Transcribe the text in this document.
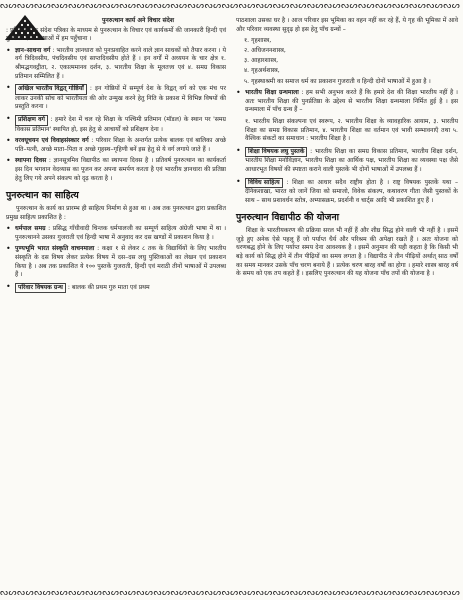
ᔓᔕᔓᔕᔓᔕᔓᔕᔓᔕᔓᔕᔓᔕᔓᔕᔓᔕᔓᔕᔓᔕᔓᔕᔓᔕᔓᔕᔓᔕᔓᔕᔓᔕᔓᔕᔓᔕᔓᔕᔓᔕᔓᔕᔓᔕᔓᔕᔓᔕᔓᔕᔓᔕ
पुनरुत्थान कार्य अने विचार संदेश
: प्रतिमास एक संदेश पत्रिका के माध्यम से पुनरुत्थान के विचार एवं कार्यकर्मो की जानकारी हिन्दी एवं गुजराती दोनों भाषाओं में हम पहुँचाना ।
• ज्ञान–साधना वर्ग : भारतीय ज्ञानधारा को पुनःप्रवाहित करने वाले ज्ञान साधकों को तैयार करना । ये वर्ग त्रिदिवसीय, पंचदिवसीय एवं साप्तदिवसीय होते हैं । इन वर्गों में अध्ययन के चार क्षेत्र १. श्रीमद्भगवद्गीता, २. एकात्ममानव दर्शन, ३. भारतीय शिक्षा के मूलतत्त्व एवं ४. समग्र विकास प्रतिमान सम्मिलित हैं ।
• अखिल भारतीय विद्वत् गोष्ठियाँ : इन गोष्ठियों में सम्पूर्ण देश के विद्वत् वर्ग को एक मंच पर लाकर उनकी सोच को भारतीयता की ओर उन्मुख करने हेतु निति के प्रकाश में विभिन्न विषयों की प्रस्तुति करना ।
• प्रशिक्षण वर्ग : हमारे देश में चल रहे शिक्षा के पश्चिमी प्रतिमान (मॉडल) के स्थान पर 'समग्र विकास प्रतिमान' स्थापित हो, इस हेतु से आचार्यों को प्रशिक्षण देना ।
• वरवधूचयन एवं विवाहसंस्कार वर्ग : परिवार शिक्षा के अन्तर्गत प्रत्येक बालक एवं बालिका अच्छे पति–पत्नी, अच्छे माता–पिता व अच्छे गृहस्थ–गृहिणी बनें इस हेतु से ये वर्ग लगाये जाते हैं ।
• स्थापना दिवस : ज्ञानसूत्रमिव विद्यापीठ का स्थापना दिवस है । प्रतिवर्ष पुनरुत्थान का कार्यकर्ता इस दिन भगवान वेदव्यास का पूजन कर अपना समर्पण करता है एवं भारतीय ज्ञानधारा की प्रतिष्ठा हेतु लिए गये अपने संकल्प को दृढ़ करता है ।
पुनरुत्थान का साहित्य
पुनरुत्थान के कार्य का प्रारम्भ ही साहित्य निर्माण से हुआ था । अब तक पुनरुत्थान द्वारा प्रकाशित प्रमुख साहित्य प्रकाशित है :
• धर्मपाल समग्र : प्रसिद्ध गाँधीवादी चिन्तक धर्मपालजी का सम्पूर्ण साहित्य अंग्रेजी भाषा में था । पुनरुत्थानने उसका गुजराती एवं हिन्दी भाषा में अनुवाद कर दस खण्डों में प्रकाशन किया है ।
• पुण्यभूमि भारत संस्कृति वाचनमाला : कक्षा १ से लेकर ८ तक के विद्यार्थियों के लिए भारतीय संस्कृति के दस विषय लेकर प्रत्येक विषय में दस–दस लघु पुस्तिकाओं का लेखन एवं प्रकाशन किया है । अब तक प्रकाशित ये १०० पुस्तकें गुजराती, हिन्दी एवं मराठी तीनों भाषाओं में उपलब्ध हैं ।
• परिवार विषयक ग्रन्थ : बालक की प्रथम गुरु माता एवं प्रथम
पाठशाला उसका घर है । आज परिवार इस भूमिका का वहन नहीं कर रहे हैं, ये गृह की भूमिका में आवे और परिवार व्यवस्था सुदृढ़ हो इस हेतु पाँच ग्रन्थों –
१. गृहशास्त्र,
२. अधिजननशास्त्र,
३. आहारशास्त्र,
४. गृहअर्थशास्त्र,
५. गृहस्थाश्रमी का समाज धर्म का प्रकाशन गुजराती व हिन्दी दोनों भाषाओं में हुआ है ।
• भारतीय शिक्षा ग्रन्थमाला : हम सभी अनुभव करते हैं कि हमारे देश की शिक्षा भारतीय नहीं है । अतः भारतीय शिक्षा की पुनर्प्रतिष्ठा के उद्देश्य से भारतीय शिक्षा ग्रन्थमाला निर्मित हुई है । इस ग्रन्थमाला में पाँच ग्रन्थ हैं –
१. भारतीय शिक्षा संकल्पना एवं स्वरूप, २. भारतीय शिक्षा के व्यावहारिक आयाम, ३. भारतीय शिक्षा का समग्र विकास प्रतिमान, ४. भारतीय शिक्षा का वर्तमान एवं भावी सम्भावनाएँ तथा ५. वैश्विक संकटों का समाधान : भारतीय शिक्षा है ।
• शिक्षा विषयक लघु पुस्तकें : भारतीय शिक्षा का समग्र विकास प्रतिमान, भारतीय शिक्षा दर्शन, भारतीय शिक्षा मनोविज्ञान, भारतीय शिक्षा का आर्थिक पक्ष, भारतीय शिक्षा का व्यवस्था पक्ष जैसे आधारभूत विषयों की स्पष्टता कराने वाली पुस्तकें भी दोनों भाषाओं में उपलब्ध हैं ।
• विविध साहित्य : शिक्षा का आधार सदैव राष्ट्रीय होता है । राष्ट्र विषयक पुस्तकें यथा – दैनिकशाखा, भारत को जानें जिया को समाजो, विवेक संकल्प, कथावरण गीता जैसी पुस्तकों के साथ – साथ प्रशावर्धन स्तोत्र, अभ्यासक्रम, प्रदर्शनी व चार्ट्स आदि भी प्रकाशित हुए हैं ।
पुनरुत्थान विद्यापीठ की योजना
शिक्षा के भारतीयकरण की प्रक्रिया सरल भी नहीं हैं और शीघ्र सिद्ध होने वाली भी नहीं है । इसमें जुड़े हुए अनेक ऐसे पहलू हैं जो पर्याप्त धैर्य और परिश्रम की अपेक्षा रखते हैं । अतः योजना को धरणबद्ध होने के लिए पर्याप्त समय देना आवश्यक है । इसमें अनुमान की यही कहता है कि किसी भी बड़े कार्य को सिद्ध होने में तीन पीढ़ियों का समय लगता है । विद्यापीठ ने तीन पीढ़ियों अर्थात् साठ वर्षों का समय मानकर उसके पाँच चरण बनाये हैं । प्रत्येक चरण बारह वर्षों का होगा । हमारे शास्त्र बारह वर्ष के समय को एक तप कहते हैं । इसलिए पुनरुत्थान की यह योजना पाँच तपों की योजना है ।
ᔓᔕᔓᔕᔓᔕᔓᔕᔓᔕᔓᔕᔓᔕᔓᔕᔓᔕᔓᔕᔓᔕᔓᔕᔓᔕᔓᔕᔓᔕᔓᔕᔓᔕᔓᔕᔓᔕᔓᔕᔓᔕᔓᔕᔓᔕᔓᔕᔓᔕᔓᔕᔓᔕ
